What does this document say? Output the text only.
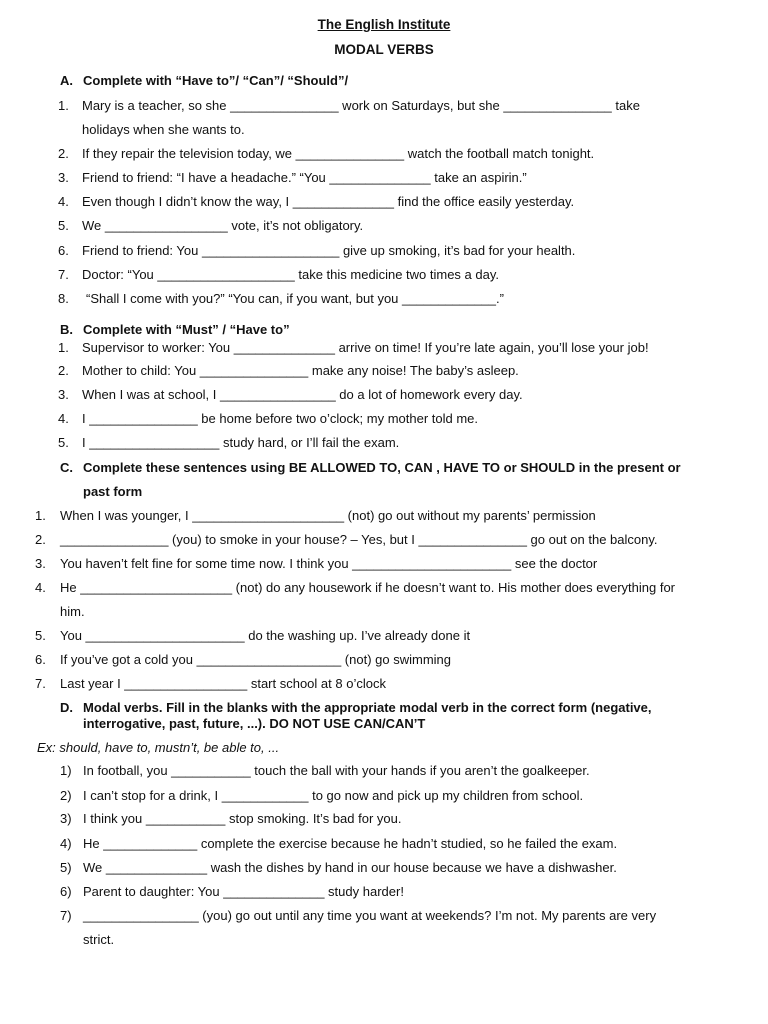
The English Institute
MODAL VERBS
A. Complete with “Have to”/ “Can”/ “Should”/
1. Mary is a teacher, so she _______________ work on Saturdays, but she _______________ take
holidays when she wants to.
2. If they repair the television today, we _______________ watch the football match tonight.
3. Friend to friend: “I have a headache.” “You ______________ take an aspirin.”
4. Even though I didn’t know the way, I ______________ find the office easily yesterday.
5. We _________________ vote, it’s not obligatory.
6. Friend to friend: You ___________________ give up smoking, it’s bad for your health.
7. Doctor: “You ___________________ take this medicine two times a day.
8. “Shall I come with you?” “You can, if you want, but you _____________.”
B. Complete with “Must” / “Have to”
1. Supervisor to worker: You ______________ arrive on time! If you’re late again, you’ll lose your job!
2. Mother to child: You _______________ make any noise! The baby’s asleep.
3. When I was at school, I ________________ do a lot of homework every day.
4. I _______________ be home before two o’clock; my mother told me.
5. I __________________ study hard, or I’ll fail the exam.
C. Complete these sentences using BE ALLOWED TO, CAN , HAVE TO or SHOULD in the present or
past form
1. When I was younger, I _____________________ (not) go out without my parents’ permission
2. _______________ (you) to smoke in your house? – Yes, but I _______________ go out on the balcony.
3. You haven’t felt fine for some time now. I think you ______________________ see the doctor
4. He _____________________ (not) do any housework if he doesn’t want to. His mother does everything for
him.
5. You ______________________ do the washing up. I’ve already done it
6. If you’ve got a cold you ____________________ (not) go swimming
7. Last year I _________________ start school at 8 o’clock
D. Modal verbs. Fill in the blanks with the appropriate modal verb in the correct form (negative,
interrogative, past, future, ...). DO NOT USE CAN/CAN’T
Ex: should, have to, mustn’t, be able to, ...
1) In football, you ___________ touch the ball with your hands if you aren’t the goalkeeper.
2) I can’t stop for a drink, I ____________ to go now and pick up my children from school.
3) I think you ___________ stop smoking. It’s bad for you.
4) He _____________ complete the exercise because he hadn’t studied, so he failed the exam.
5) We ______________ wash the dishes by hand in our house because we have a dishwasher.
6) Parent to daughter: You ______________ study harder!
7) ________________ (you) go out until any time you want at weekends? I’m not. My parents are very
strict.
